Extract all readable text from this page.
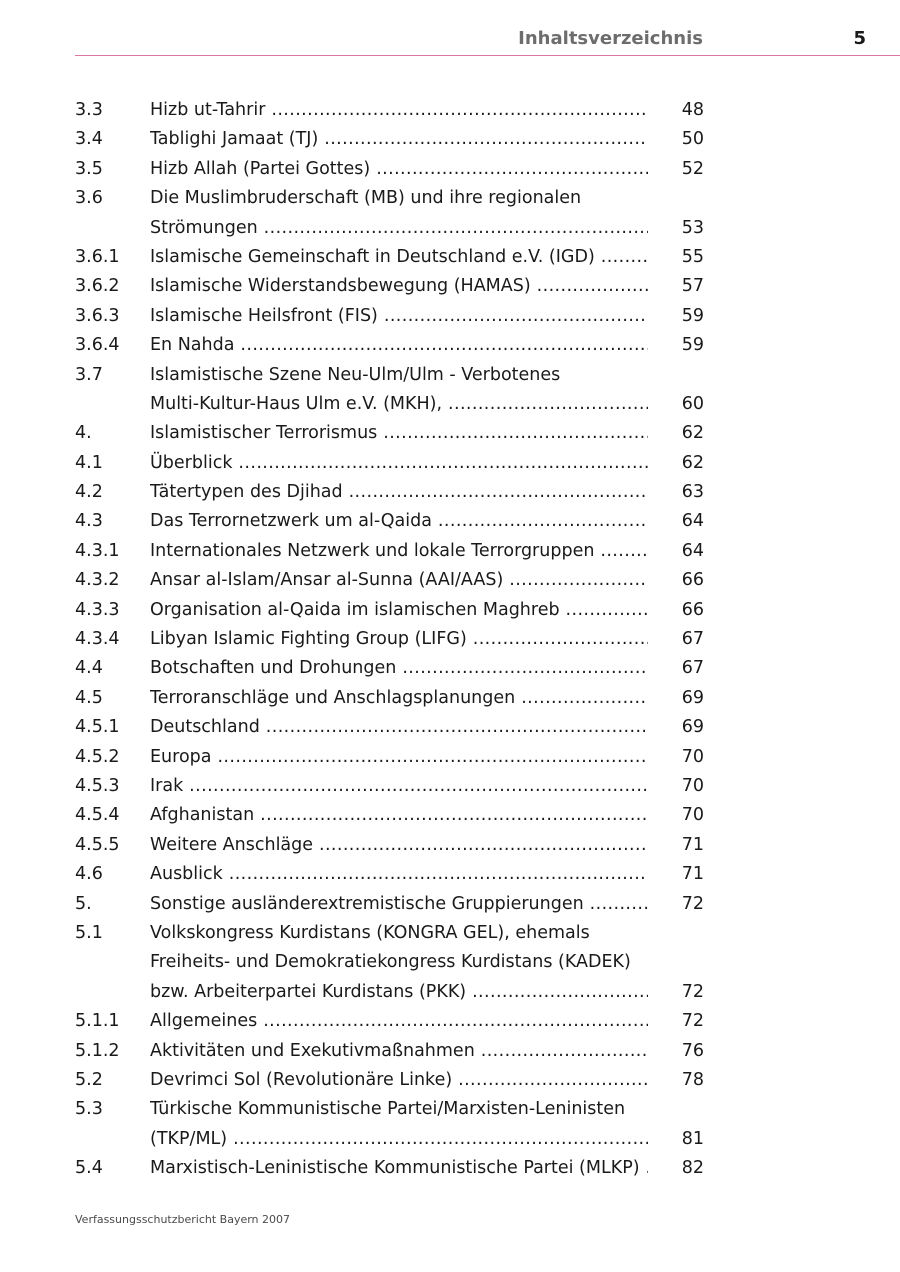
Inhaltsverzeichnis	5
3.3	Hizb ut-Tahrir .....	48
3.4	Tablighi Jamaat (TJ) .....	50
3.5	Hizb Allah (Partei Gottes) .....	52
3.6	Die Muslimbruderschaft (MB) und ihre regionalen
Strömungen .....	53
3.6.1 Islamische Gemeinschaft in Deutschland e.V. (IGD) .....	55
3.6.2 Islamische Widerstandsbewegung (HAMAS) .....	57
3.6.3 Islamische Heilsfront (FIS) .....	59
3.6.4 En Nahda .....	59
3.7	Islamistische Szene Neu-Ulm/Ulm - Verbotenes
Multi-Kultur-Haus Ulm e.V. (MKH), .....	60
4.	Islamistischer Terrorismus .....	62
4.1	Überblick .....	62
4.2	Tätertypen des Djihad .....	63
4.3	Das Terrornetzwerk um al-Qaida .....	64
4.3.1 Internationales Netzwerk und lokale Terrorgruppen .....	64
4.3.2 Ansar al-Islam/Ansar al-Sunna (AAI/AAS) .....	66
4.3.3 Organisation al-Qaida im islamischen Maghreb .....	66
4.3.4 Libyan Islamic Fighting Group (LIFG) .....	67
4.4	Botschaften und Drohungen .....	67
4.5	Terroranschläge und Anschlagsplanungen .....	69
4.5.1 Deutschland .....	69
4.5.2 Europa .....	70
4.5.3 Irak .....	70
4.5.4 Afghanistan .....	70
4.5.5 Weitere Anschläge .....	71
4.6	Ausblick .....	71
5.	Sonstige ausländerextremistische Gruppierungen .....	72
5.1	Volkskongress Kurdistans (KONGRA GEL), ehemals
Freiheits- und Demokratiekongress Kurdistans (KADEK)
bzw. Arbeiterpartei Kurdistans (PKK) .....	72
5.1.1 Allgemeines .....	72
5.1.2 Aktivitäten und Exekutivmaßnahmen .....	76
5.2	Devrimci Sol (Revolutionäre Linke) .....	78
5.3	Türkische Kommunistische Partei/Marxisten-Leninisten
(TKP/ML) .....	81
5.4	Marxistisch-Leninistische Kommunistische Partei (MLKP) .....	82
Verfassungsschutzbericht Bayern 2007
